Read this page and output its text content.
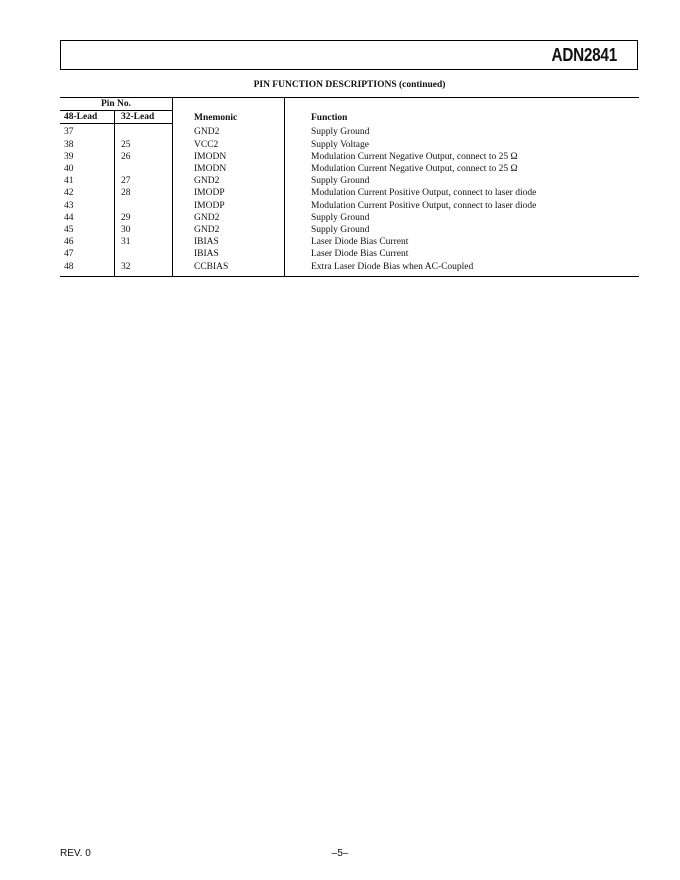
ADN2841
PIN FUNCTION DESCRIPTIONS (continued)
Pin No.		Mnemonic	Function
48-Lead	32-Lead		
37		GND2	Supply Ground
38	25	VCC2	Supply Voltage
39	26	IMODN	Modulation Current Negative Output, connect to 25 Ω
40		IMODN	Modulation Current Negative Output, connect to 25 Ω
41	27	GND2	Supply Ground
42	28	IMODP	Modulation Current Positive Output, connect to laser diode
43		IMODP	Modulation Current Positive Output, connect to laser diode
44	29	GND2	Supply Ground
45	30	GND2	Supply Ground
46	31	IBIAS	Laser Diode Bias Current
47		IBIAS	Laser Diode Bias Current
48	32	CCBIAS	Extra Laser Diode Bias when AC-Coupled
REV. 0	–5–
